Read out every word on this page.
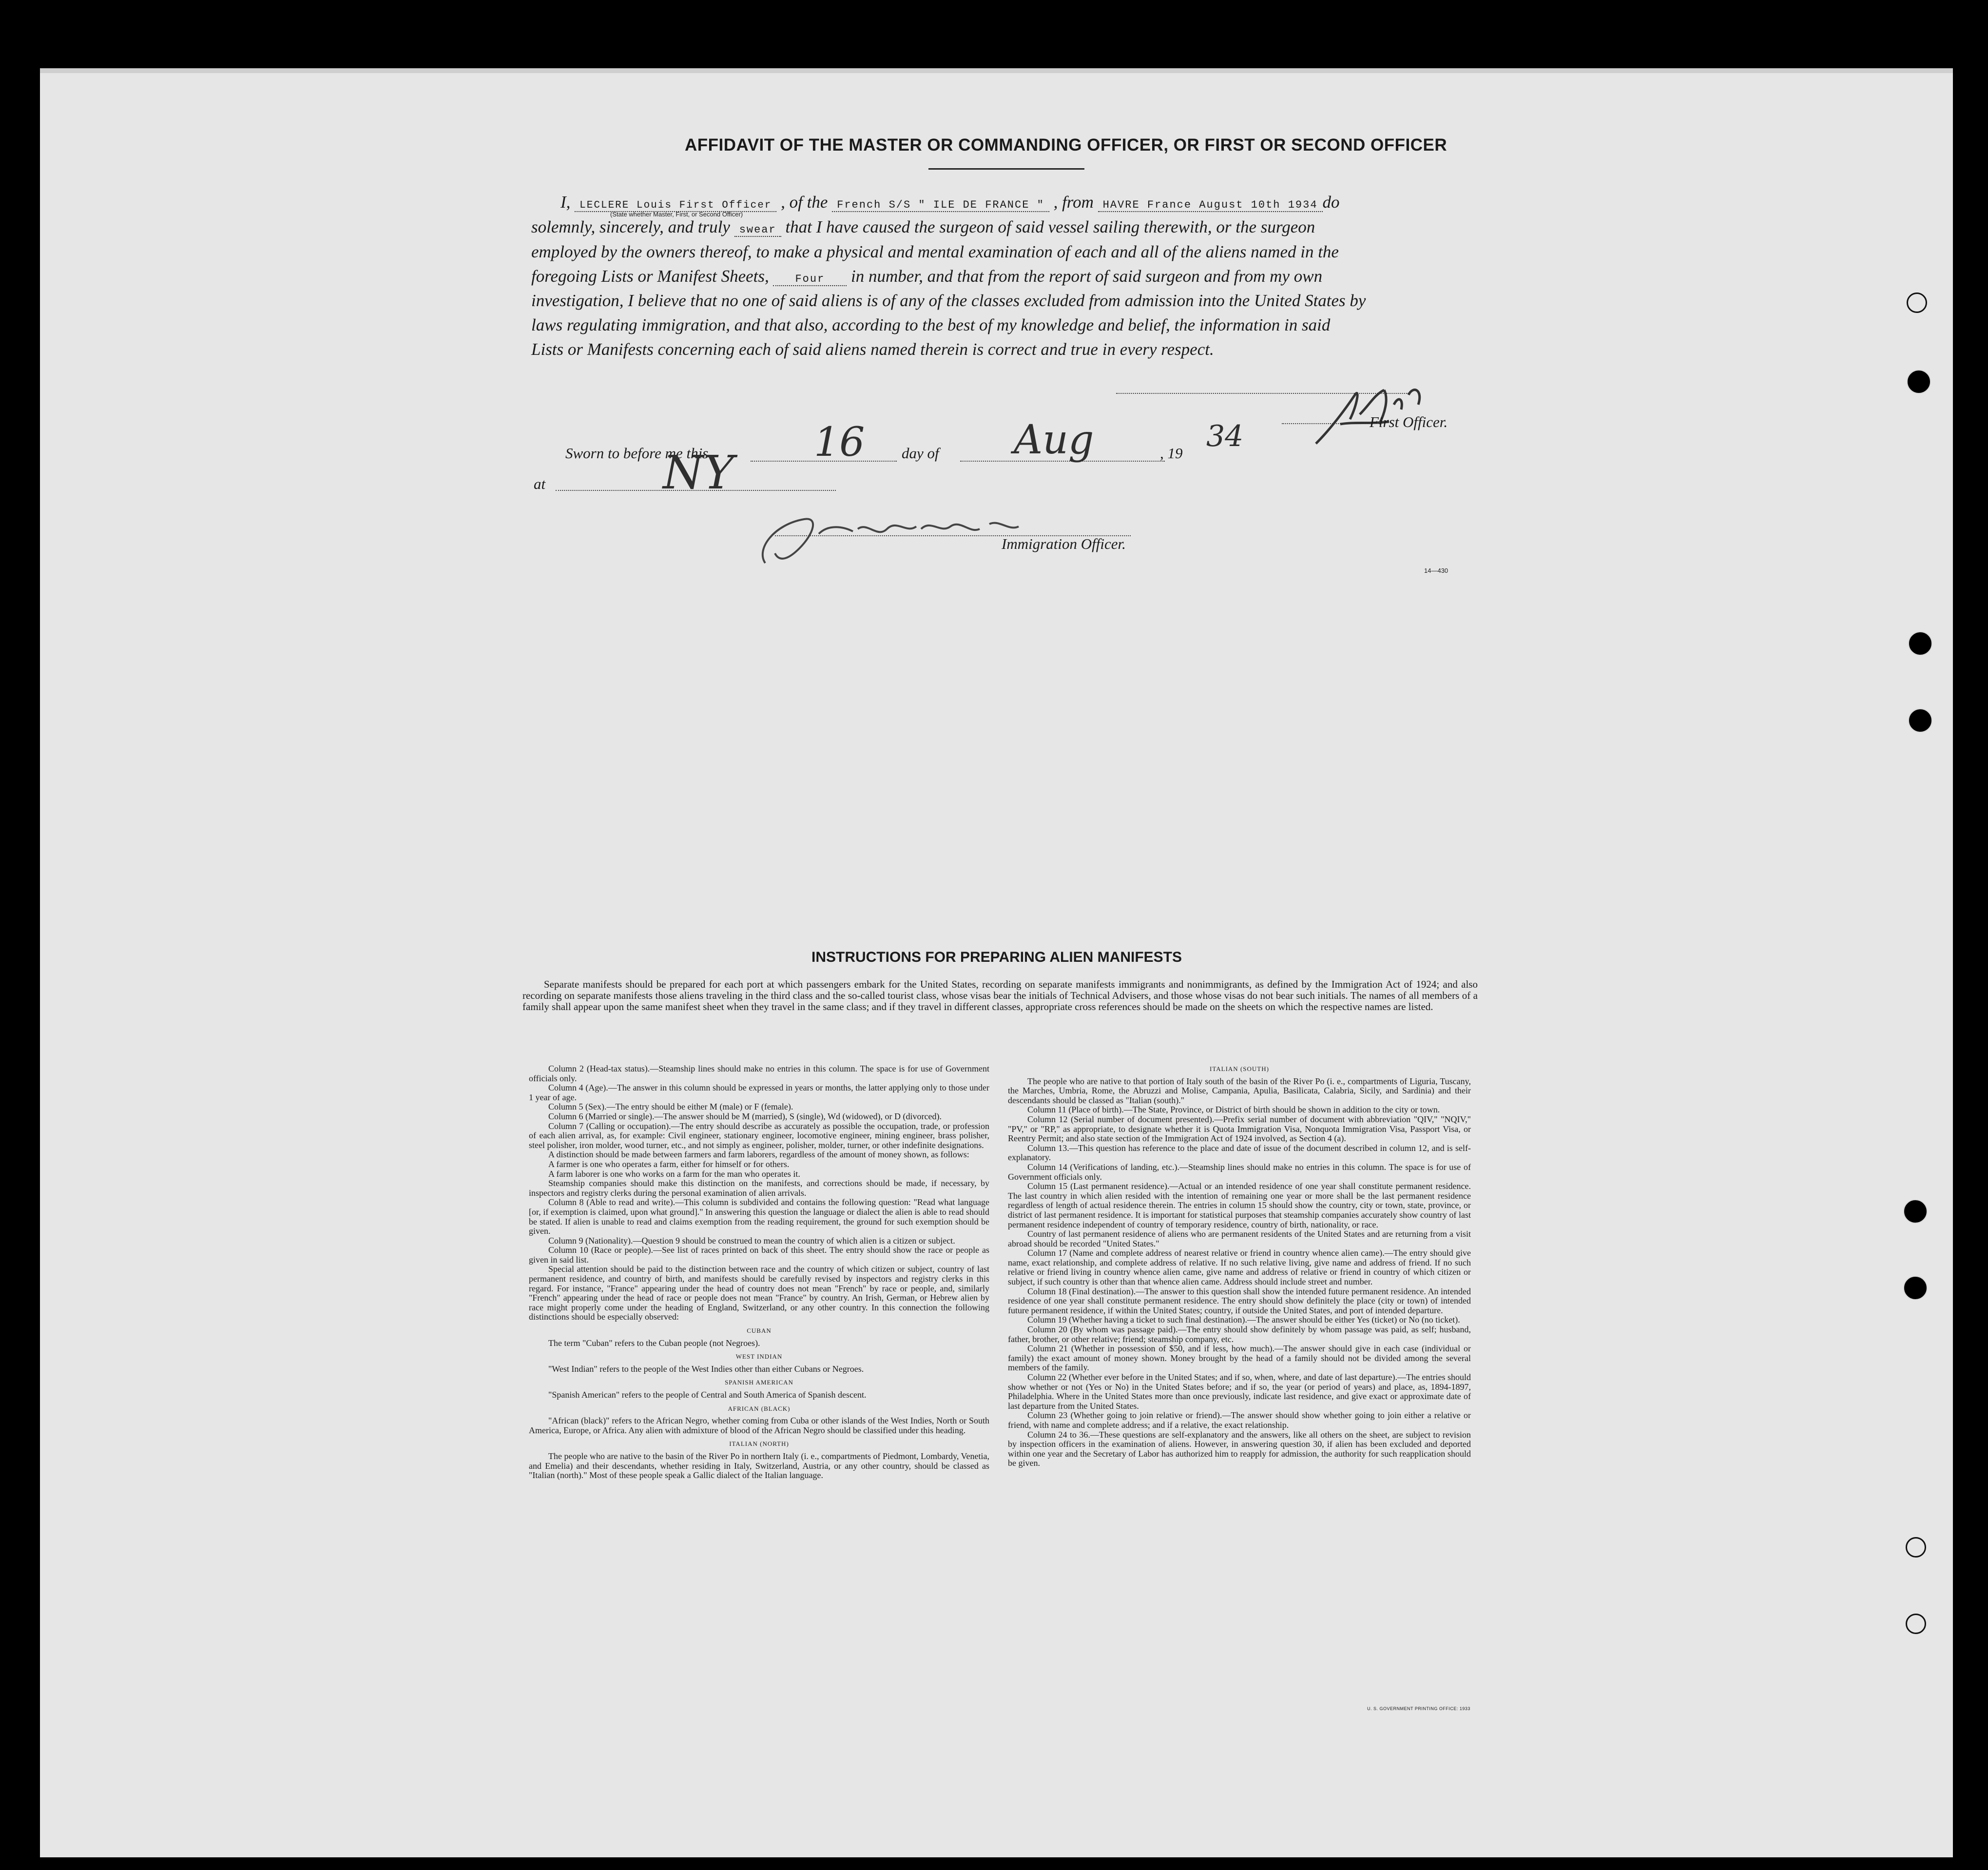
AFFIDAVIT OF THE MASTER OR COMMANDING OFFICER, OR FIRST OR SECOND OFFICER
I, LECLERE Louis First Officer , of the French S/S " ILE DE FRANCE " , from HAVRE France August 10th 1934 do
(State whether Master, First, or Second Officer)
solemnly, sincerely, and truly swear that I have caused the surgeon of said vessel sailing therewith, or the surgeon
employed by the owners thereof, to make a physical and mental examination of each and all of the aliens named in the
foregoing Lists or Manifest Sheets, Four in number, and that from the report of said surgeon and from my own
investigation, I believe that no one of said aliens is of any of the classes excluded from admission into the United States by
laws regulating immigration, and that also, according to the best of my knowledge and belief, the information in said
Lists or Manifests concerning each of said aliens named therein is correct and true in every respect.
First Officer.
Sworn to before me this	16 day of Aug	, 19 34
at	NY
Immigration Officer.
14—430
INSTRUCTIONS FOR PREPARING ALIEN MANIFESTS
Separate manifests should be prepared for each port at which passengers embark for the United States, recording on separate manifests immigrants and nonimmigrants, as defined by the Immigration Act of 1924; and also recording on separate manifests those aliens traveling in the third class and the so-called tourist class, whose visas bear the initials of Technical Advisers, and those whose visas do not bear such initials. The names of all members of a family shall appear upon the same manifest sheet when they travel in the same class; and if they travel in different classes, appropriate cross references should be made on the sheets on which the respective names are listed.

Column 2 (Head-tax status).—Steamship lines should make no entries in this column. The space is for use of Government officials only.

Column 4 (Age).—The answer in this column should be expressed in years or months, the latter applying only to those under 1 year of age.

Column 5 (Sex).—The entry should be either M (male) or F (female).

Column 6 (Married or single).—The answer should be M (married), S (single), Wd (widowed), or D (divorced).

Column 7 (Calling or occupation).—The entry should describe as accurately as possible the occupation, trade, or profession of each alien arrival, as, for example: Civil engineer, stationary engineer, locomotive engineer, mining engineer, brass polisher, steel polisher, iron molder, wood turner, etc., and not simply as engineer, polisher, molder, turner, or other indefinite designations.

A distinction should be made between farmers and farm laborers, regardless of the amount of money shown, as follows:

A farmer is one who operates a farm, either for himself or for others.

A farm laborer is one who works on a farm for the man who operates it.

Steamship companies should make this distinction on the manifests, and corrections should be made, if necessary, by inspectors and registry clerks during the personal examination of alien arrivals.

Column 8 (Able to read and write).—This column is subdivided and contains the following question: "Read what language [or, if exemption is claimed, upon what ground]." In answering this question the language or dialect the alien is able to read should be stated. If alien is unable to read and claims exemption from the reading requirement, the ground for such exemption should be given.

Column 9 (Nationality).—Question 9 should be construed to mean the country of which alien is a citizen or subject.

Column 10 (Race or people).—See list of races printed on back of this sheet. The entry should show the race or people as given in said list.

Special attention should be paid to the distinction between race and the country of which citizen or subject, country of last permanent residence, and country of birth, and manifests should be carefully revised by inspectors and registry clerks in this regard. For instance, "France" appearing under the head of country does not mean "French" by race or people, and, similarly "French" appearing under the head of race or people does not mean "France" by country. An Irish, German, or Hebrew alien by race might properly come under the heading of England, Switzerland, or any other country. In this connection the following distinctions should be especially observed:

CUBAN

The term "Cuban" refers to the Cuban people (not Negroes).

WEST INDIAN

"West Indian" refers to the people of the West Indies other than either Cubans or Negroes.

SPANISH AMERICAN

"Spanish American" refers to the people of Central and South America of Spanish descent.

AFRICAN (BLACK)

"African (black)" refers to the African Negro, whether coming from Cuba or other islands of the West Indies, North or South America, Europe, or Africa. Any alien with admixture of blood of the African Negro should be classified under this heading.

ITALIAN (NORTH)

The people who are native to the basin of the River Po in northern Italy (i. e., compartments of Piedmont, Lombardy, Venetia, and Emelia) and their descendants, whether residing in Italy, Switzerland, Austria, or any other country, should be classed as "Italian (north)." Most of these people speak a Gallic dialect of the Italian language.

ITALIAN (SOUTH)

The people who are native to that portion of Italy south of the basin of the River Po (i. e., compartments of Liguria, Tuscany, the Marches, Umbria, Rome, the Abruzzi and Molise, Campania, Apulia, Basilicata, Calabria, Sicily, and Sardinia) and their descendants should be classed as "Italian (south)."

Column 11 (Place of birth).—The State, Province, or District of birth should be shown in addition to the city or town.

Column 12 (Serial number of document presented).—Prefix serial number of document with abbreviation "QIV," "NQIV," "PV," or "RP," as appropriate, to designate whether it is Quota Immigration Visa, Nonquota Immigration Visa, Passport Visa, or Reentry Permit; and also state section of the Immigration Act of 1924 involved, as Section 4 (a).

Column 13.—This question has reference to the place and date of issue of the document described in column 12, and is self-explanatory.

Column 14 (Verifications of landing, etc.).—Steamship lines should make no entries in this column. The space is for use of Government officials only.

Column 15 (Last permanent residence).—Actual or an intended residence of one year shall constitute permanent residence. The last country in which alien resided with the intention of remaining one year or more shall be the last permanent residence regardless of length of actual residence therein. The entries in column 15 should show the country, city or town, state, province, or district of last permanent residence. It is important for statistical purposes that steamship companies accurately show country of last permanent residence independent of country of temporary residence, country of birth, nationality, or race.

Country of last permanent residence of aliens who are permanent residents of the United States and are returning from a visit abroad should be recorded "United States."

Column 17 (Name and complete address of nearest relative or friend in country whence alien came).—The entry should give name, exact relationship, and complete address of relative. If no such relative living, give name and address of friend. If no such relative or friend living in country whence alien came, give name and address of relative or friend in country of which citizen or subject, if such country is other than that whence alien came. Address should include street and number.

Column 18 (Final destination).—The answer to this question shall show the intended future permanent residence. An intended residence of one year shall constitute permanent residence. The entry should show definitely the place (city or town) of intended future permanent residence, if within the United States; country, if outside the United States, and port of intended departure.

Column 19 (Whether having a ticket to such final destination).—The answer should be either Yes (ticket) or No (no ticket).

Column 20 (By whom was passage paid).—The entry should show definitely by whom passage was paid, as self; husband, father, brother, or other relative; friend; steamship company, etc.

Column 21 (Whether in possession of $50, and if less, how much).—The answer should give in each case (individual or family) the exact amount of money shown. Money brought by the head of a family should not be divided among the several members of the family.

Column 22 (Whether ever before in the United States; and if so, when, where, and date of last departure).—The entries should show whether or not (Yes or No) in the United States before; and if so, the year (or period of years) and place, as, 1894-1897, Philadelphia. Where in the United States more than once previously, indicate last residence, and give exact or approximate date of last departure from the United States.

Column 23 (Whether going to join relative or friend).—The answer should show whether going to join either a relative or friend, with name and complete address; and if a relative, the exact relationship.

Column 24 to 36.—These questions are self-explanatory and the answers, like all others on the sheet, are subject to revision by inspection officers in the examination of aliens. However, in answering question 30, if alien has been excluded and deported within one year and the Secretary of Labor has authorized him to reapply for admission, the authority for such reapplication should be given.

U. S. GOVERNMENT PRINTING OFFICE: 1933
